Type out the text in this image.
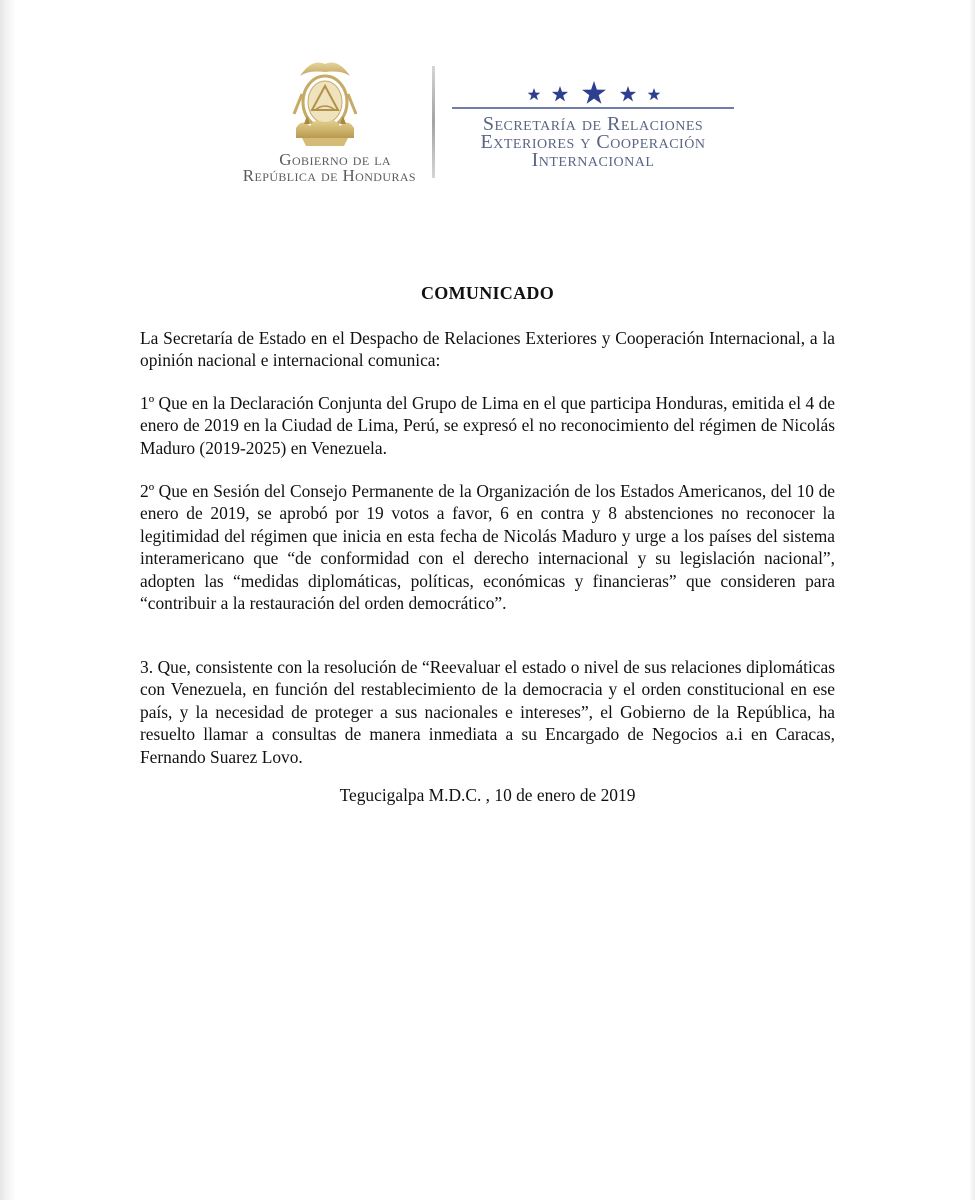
Gobierno de la
República de Honduras
Secretaría de Relaciones
Exteriores y Cooperación
Internacional
COMUNICADO
La Secretaría de Estado en el Despacho de Relaciones Exteriores y Cooperación Internacional, a la opinión nacional e internacional comunica:
1º Que en la Declaración Conjunta del Grupo de Lima en el que participa Honduras, emitida el 4 de enero de 2019 en la Ciudad de Lima, Perú, se expresó el no reconocimiento del régimen de Nicolás Maduro (2019-2025) en Venezuela.
2º Que en Sesión del Consejo Permanente de la Organización de los Estados Americanos, del 10 de enero de 2019, se aprobó por 19 votos a favor, 6 en contra y 8 abstenciones no reconocer la legitimidad del régimen que inicia en esta fecha de Nicolás Maduro y urge a los países del sistema interamericano que “de conformidad con el derecho internacional y su legislación nacional”, adopten las “medidas diplomáticas, políticas, económicas y financieras” que consideren para “contribuir a la restauración del orden democrático”.
3. Que, consistente con la resolución de “Reevaluar el estado o nivel de sus relaciones diplomáticas con Venezuela, en función del restablecimiento de la democracia y el orden constitucional en ese país, y la necesidad de proteger a sus nacionales e intereses”, el Gobierno de la República, ha resuelto llamar a consultas de manera inmediata a su Encargado de Negocios a.i en Caracas, Fernando Suarez Lovo.
Tegucigalpa M.D.C. , 10 de enero de 2019
